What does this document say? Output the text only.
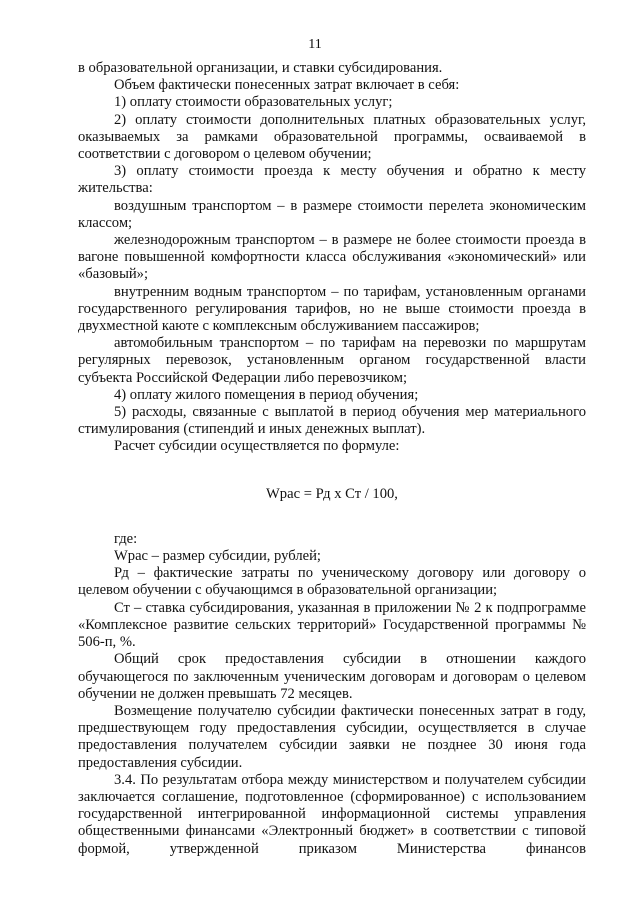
11

в образовательной организации, и ставки субсидирования.

Объем фактически понесенных затрат включает в себя:

1) оплату стоимости образовательных услуг;

2) оплату стоимости дополнительных платных образовательных услуг, оказываемых за рамками образовательной программы, осваиваемой в соответствии с договором о целевом обучении;

3) оплату стоимости проезда к месту обучения и обратно к месту жительства:

воздушным транспортом – в размере стоимости перелета экономическим классом;

железнодорожным транспортом – в размере не более стоимости проезда в вагоне повышенной комфортности класса обслуживания «экономический» или «базовый»;

внутренним водным транспортом – по тарифам, установленным органами государственного регулирования тарифов, но не выше стоимости проезда в двухместной каюте с комплексным обслуживанием пассажиров;

автомобильным транспортом – по тарифам на перевозки по маршрутам регулярных перевозок, установленным органом государственной власти субъекта Российской Федерации либо перевозчиком;

4) оплату жилого помещения в период обучения;

5) расходы, связанные с выплатой в период обучения мер материального стимулирования (стипендий и иных денежных выплат).

Расчет субсидии осуществляется по формуле:

Wрас = Рд х Ст / 100,

где:

Wрас – размер субсидии, рублей;

Рд – фактические затраты по ученическому договору или договору о целевом обучении с обучающимся в образовательной организации;

Ст – ставка субсидирования, указанная в приложении № 2 к подпрограмме «Комплексное развитие сельских территорий» Государственной программы № 506-п, %.

Общий срок предоставления субсидии в отношении каждого обучающегося по заключенным ученическим договорам и договорам о целевом обучении не должен превышать 72 месяцев.

Возмещение получателю субсидии фактически понесенных затрат в году, предшествующем году предоставления субсидии, осуществляется в случае предоставления получателем субсидии заявки не позднее 30 июня года предоставления субсидии.

3.4. По результатам отбора между министерством и получателем субсидии заключается соглашение, подготовленное (сформированное) с использованием государственной интегрированной информационной системы управления общественными финансами «Электронный бюджет» в соответствии с типовой формой, утвержденной приказом Министерства финансов
